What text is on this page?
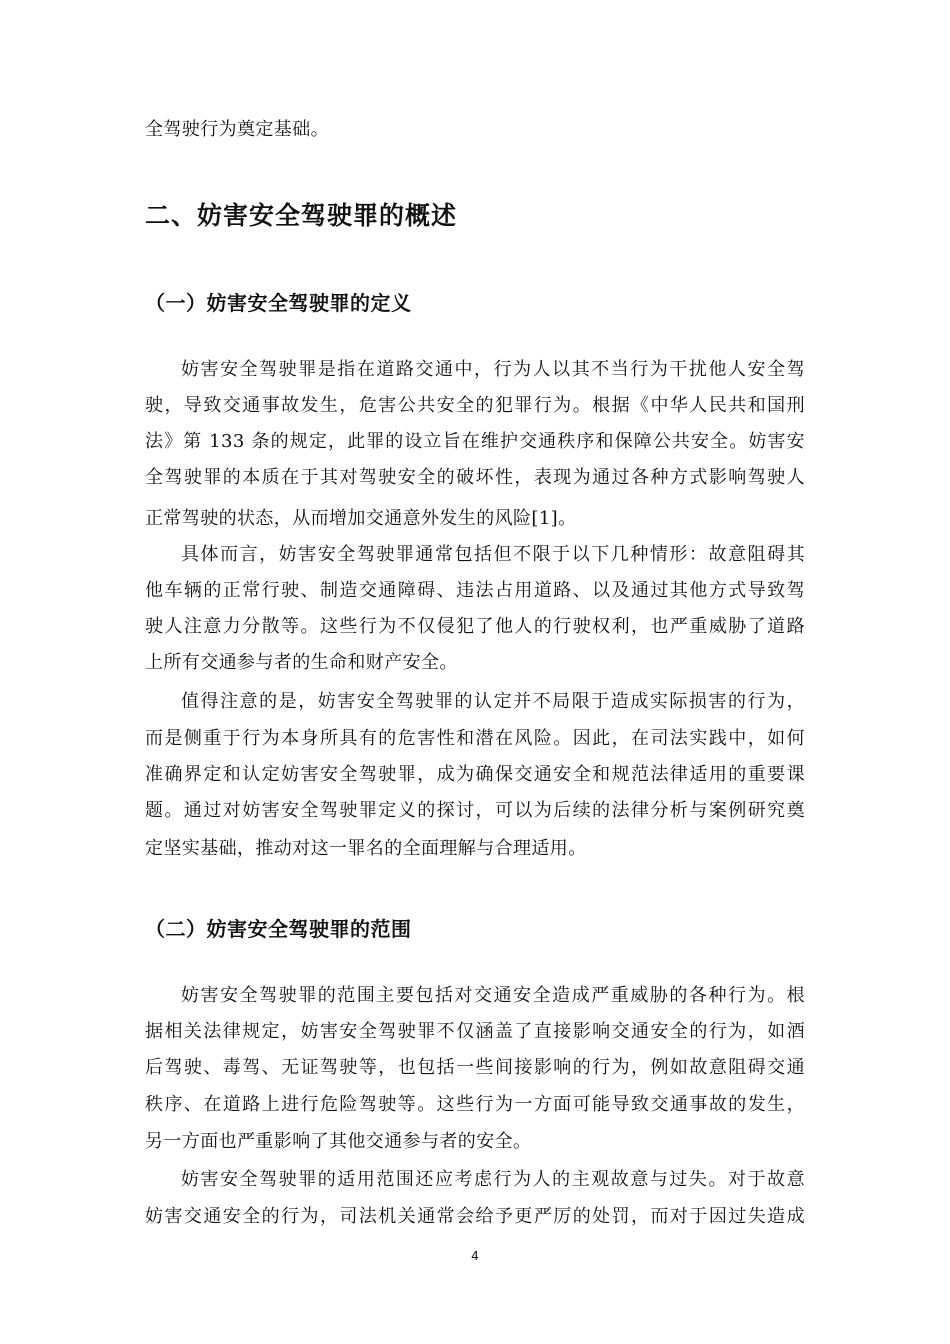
全驾驶行为奠定基础。
二、妨害安全驾驶罪的概述
（一）妨害安全驾驶罪的定义
妨害安全驾驶罪是指在道路交通中，行为人以其不当行为干扰他人安全驾
驶，导致交通事故发生，危害公共安全的犯罪行为。根据《中华人民共和国刑
法》第 133 条的规定，此罪的设立旨在维护交通秩序和保障公共安全。妨害安
全驾驶罪的本质在于其对驾驶安全的破坏性，表现为通过各种方式影响驾驶人
正常驾驶的状态，从而增加交通意外发生的风险[1]。
具体而言，妨害安全驾驶罪通常包括但不限于以下几种情形：故意阻碍其
他车辆的正常行驶、制造交通障碍、违法占用道路、以及通过其他方式导致驾
驶人注意力分散等。这些行为不仅侵犯了他人的行驶权利，也严重威胁了道路
上所有交通参与者的生命和财产安全。
值得注意的是，妨害安全驾驶罪的认定并不局限于造成实际损害的行为，
而是侧重于行为本身所具有的危害性和潜在风险。因此，在司法实践中，如何
准确界定和认定妨害安全驾驶罪，成为确保交通安全和规范法律适用的重要课
题。通过对妨害安全驾驶罪定义的探讨，可以为后续的法律分析与案例研究奠
定坚实基础，推动对这一罪名的全面理解与合理适用。
（二）妨害安全驾驶罪的范围
妨害安全驾驶罪的范围主要包括对交通安全造成严重威胁的各种行为。根
据相关法律规定，妨害安全驾驶罪不仅涵盖了直接影响交通安全的行为，如酒
后驾驶、毒驾、无证驾驶等，也包括一些间接影响的行为，例如故意阻碍交通
秩序、在道路上进行危险驾驶等。这些行为一方面可能导致交通事故的发生，
另一方面也严重影响了其他交通参与者的安全。
妨害安全驾驶罪的适用范围还应考虑行为人的主观故意与过失。对于故意
妨害交通安全的行为，司法机关通常会给予更严厉的处罚，而对于因过失造成
4
